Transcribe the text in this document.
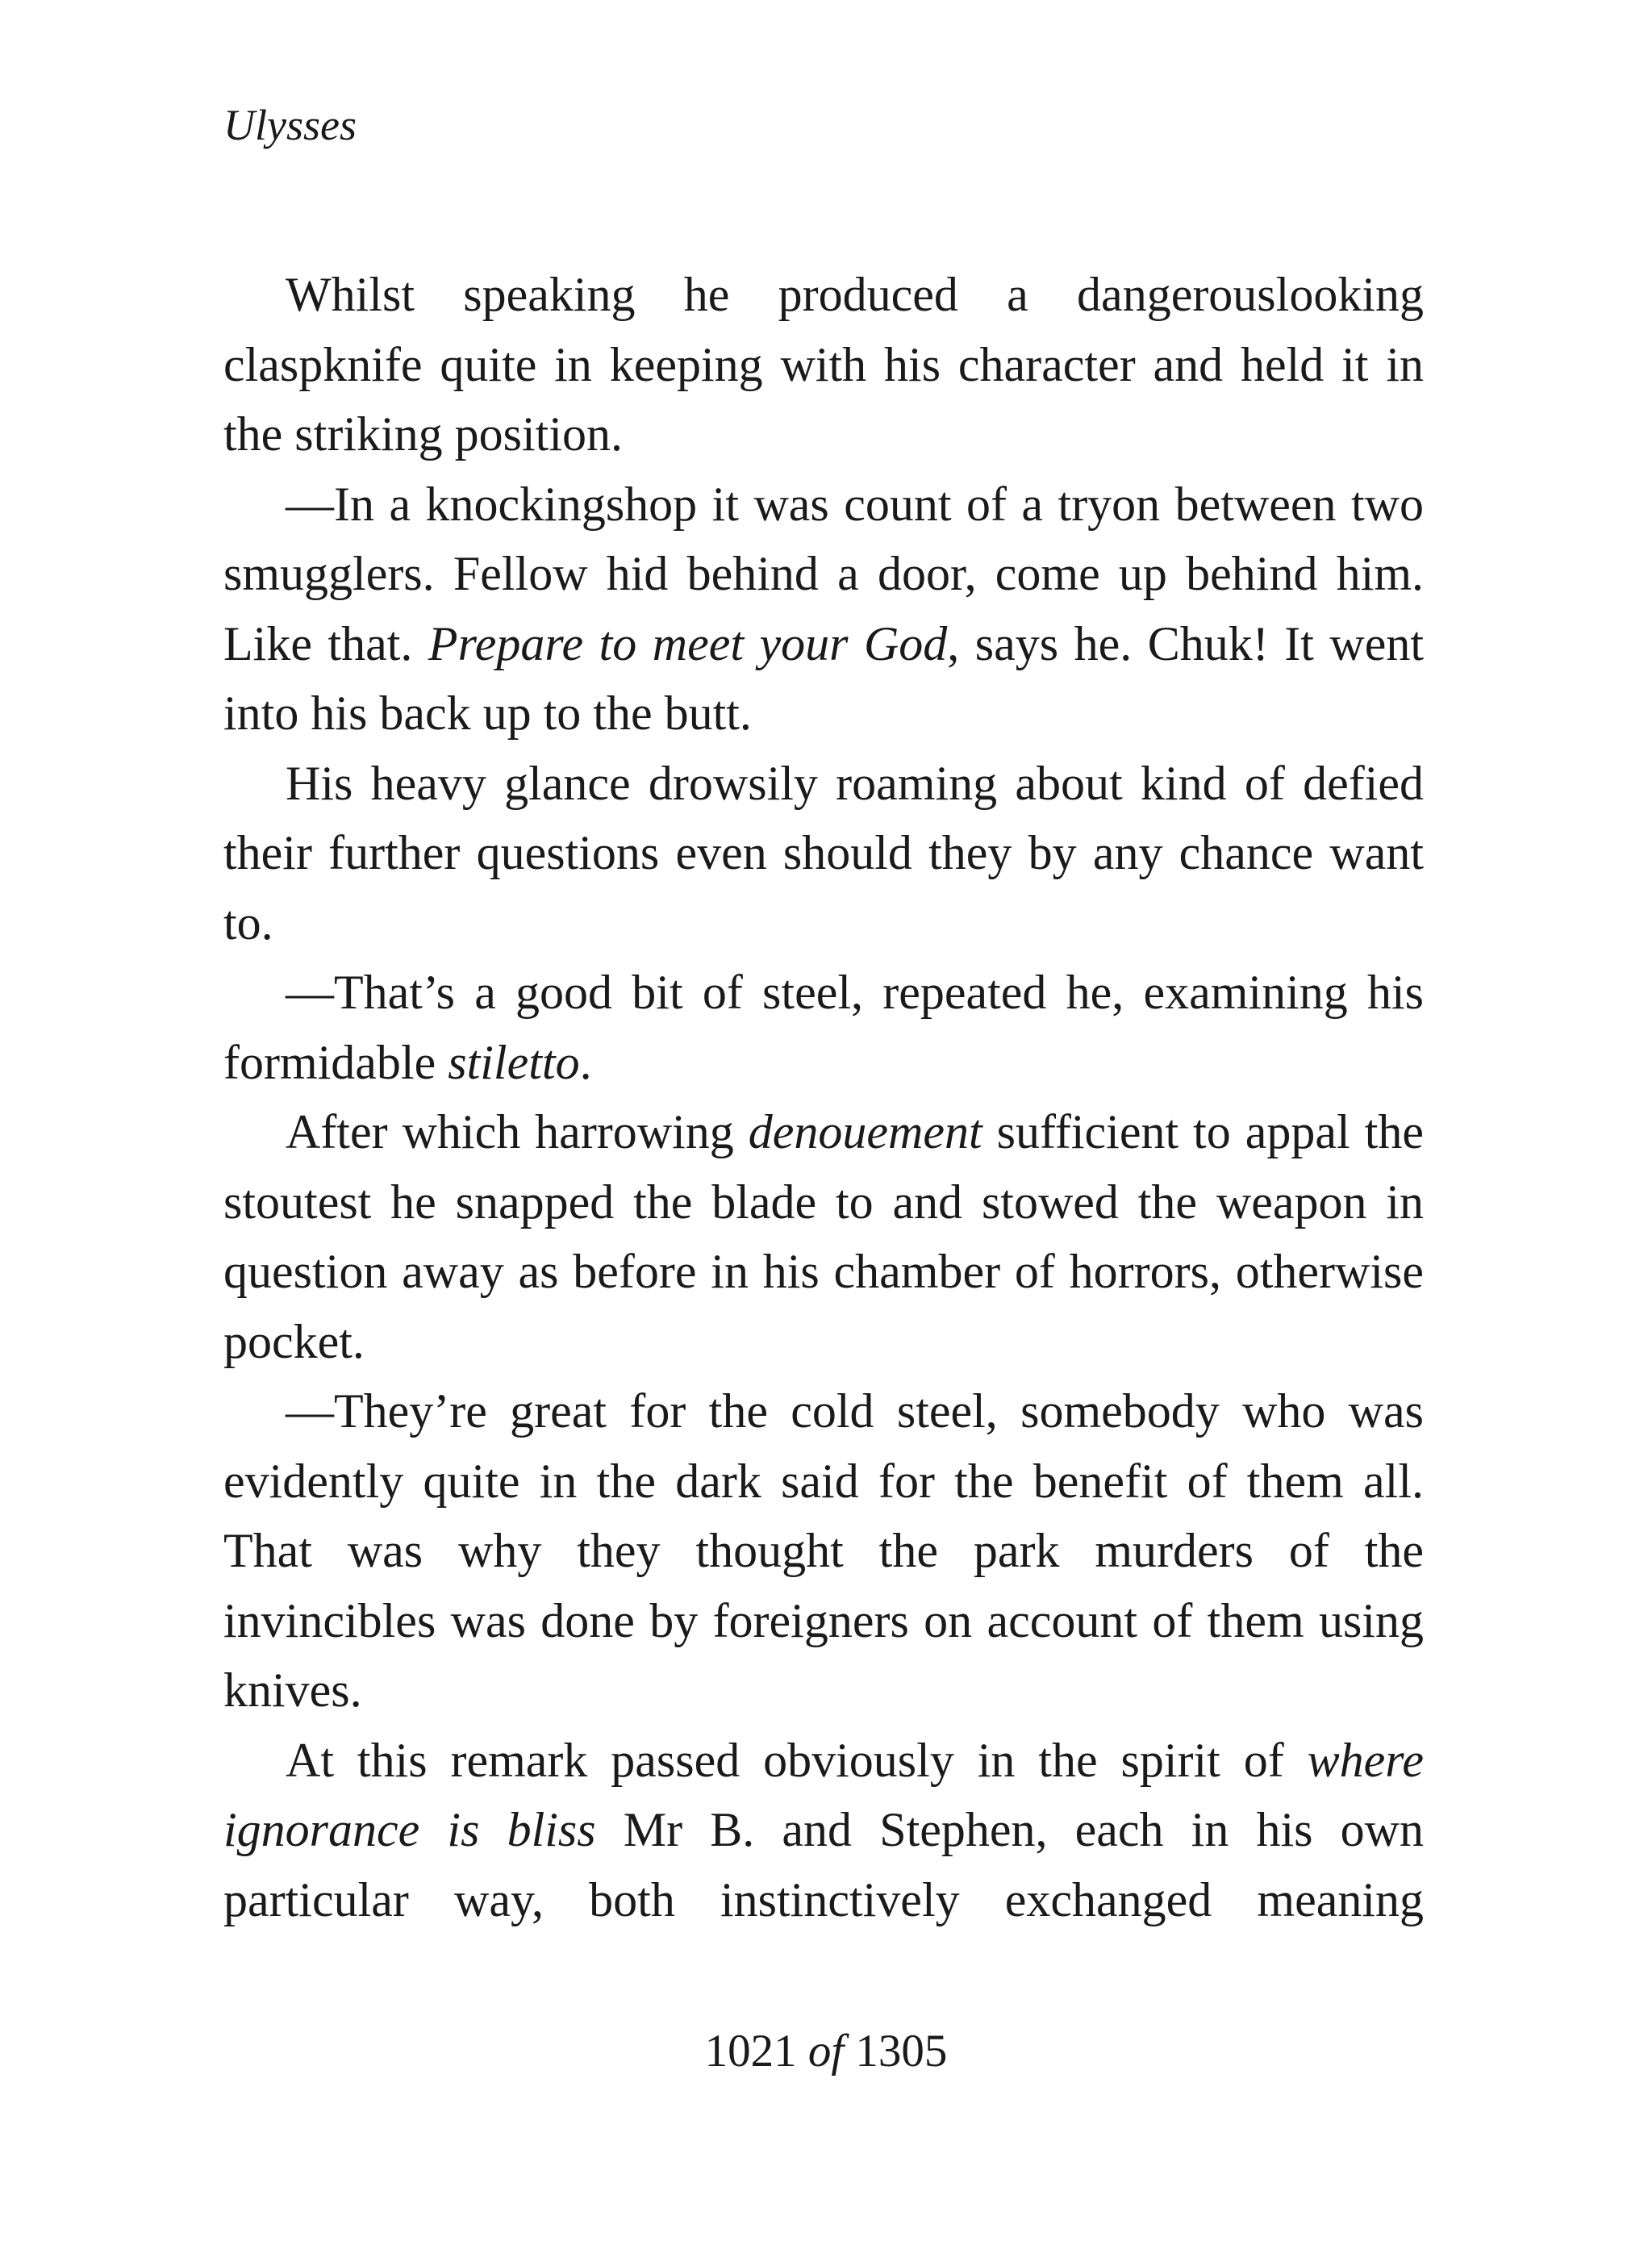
Ulysses

Whilst speaking he produced a dangerouslooking claspknife quite in keeping with his character and held it in the striking position.

—In a knockingshop it was count of a tryon between two smugglers. Fellow hid behind a door, come up behind him. Like that. Prepare to meet your God, says he. Chuk! It went into his back up to the butt.

His heavy glance drowsily roaming about kind of defied their further questions even should they by any chance want to.

—That’s a good bit of steel, repeated he, examining his formidable stiletto.

After which harrowing denouement sufficient to appal the stoutest he snapped the blade to and stowed the weapon in question away as before in his chamber of horrors, otherwise pocket.

—They’re great for the cold steel, somebody who was evidently quite in the dark said for the benefit of them all. That was why they thought the park murders of the invincibles was done by foreigners on account of them using knives.

At this remark passed obviously in the spirit of where ignorance is bliss Mr B. and Stephen, each in his own particular way, both instinctively exchanged meaning

1021 of 1305
